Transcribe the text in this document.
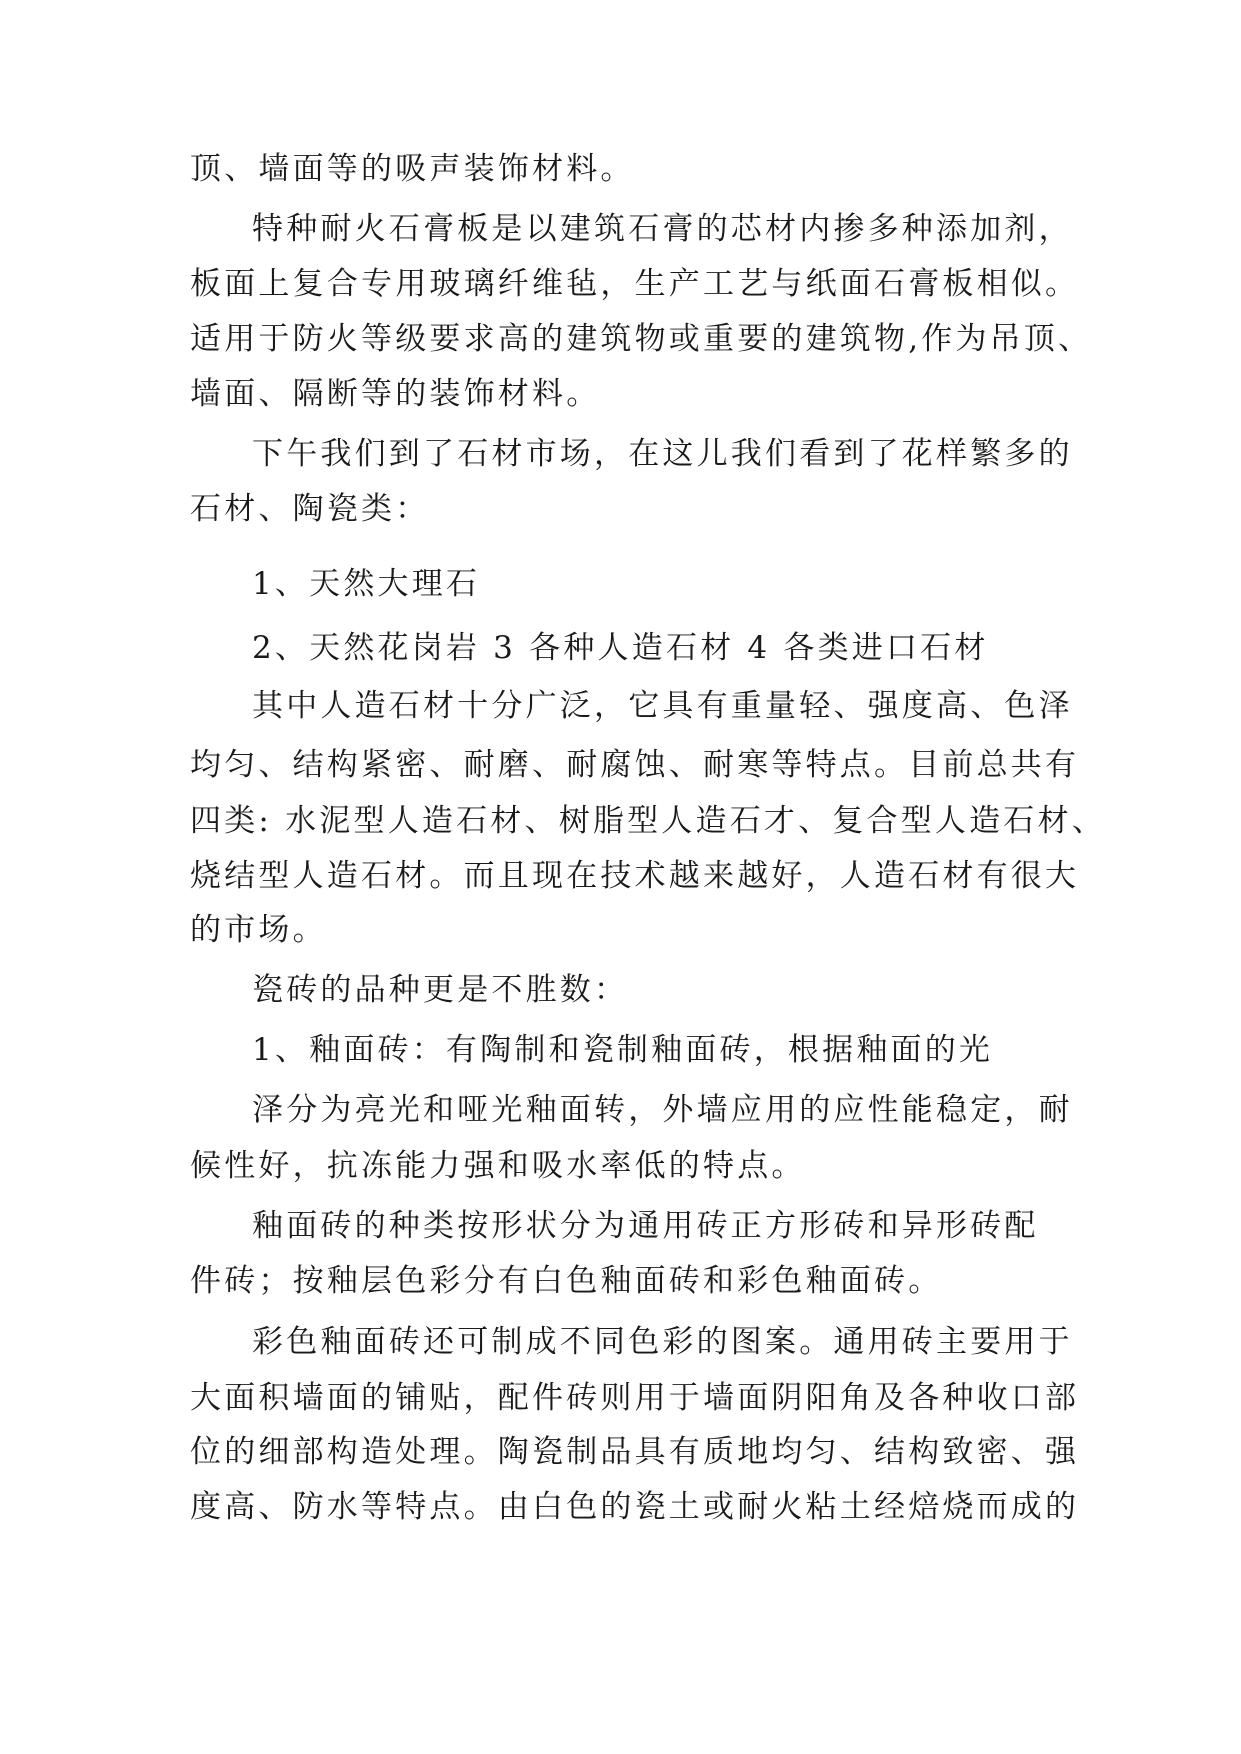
顶、墙面等的吸声装饰材料。
特种耐火石膏板是以建筑石膏的芯材内掺多种添加剂，
板面上复合专用玻璃纤维毡，生产工艺与纸面石膏板相似。
适用于防火等级要求高的建筑物或重要的建筑物,作为吊顶、
墙面、隔断等的装饰材料。
下午我们到了石材市场，在这儿我们看到了花样繁多的
石材、陶瓷类：
1、天然大理石
2、天然花岗岩 3 各种人造石材 4 各类进口石材
其中人造石材十分广泛，它具有重量轻、强度高、色泽
均匀、结构紧密、耐磨、耐腐蚀、耐寒等特点。目前总共有
四类: 水泥型人造石材、树脂型人造石才、复合型人造石材、
烧结型人造石材。而且现在技术越来越好，人造石材有很大
的市场。
瓷砖的品种更是不胜数：
1、釉面砖：有陶制和瓷制釉面砖，根据釉面的光
泽分为亮光和哑光釉面转，外墙应用的应性能稳定，耐
候性好，抗冻能力强和吸水率低的特点。
釉面砖的种类按形状分为通用砖正方形砖和异形砖配
件砖；按釉层色彩分有白色釉面砖和彩色釉面砖。
彩色釉面砖还可制成不同色彩的图案。通用砖主要用于
大面积墙面的铺贴，配件砖则用于墙面阴阳角及各种收口部
位的细部构造处理。陶瓷制品具有质地均匀、结构致密、强
度高、防水等特点。由白色的瓷土或耐火粘土经焙烧而成的
